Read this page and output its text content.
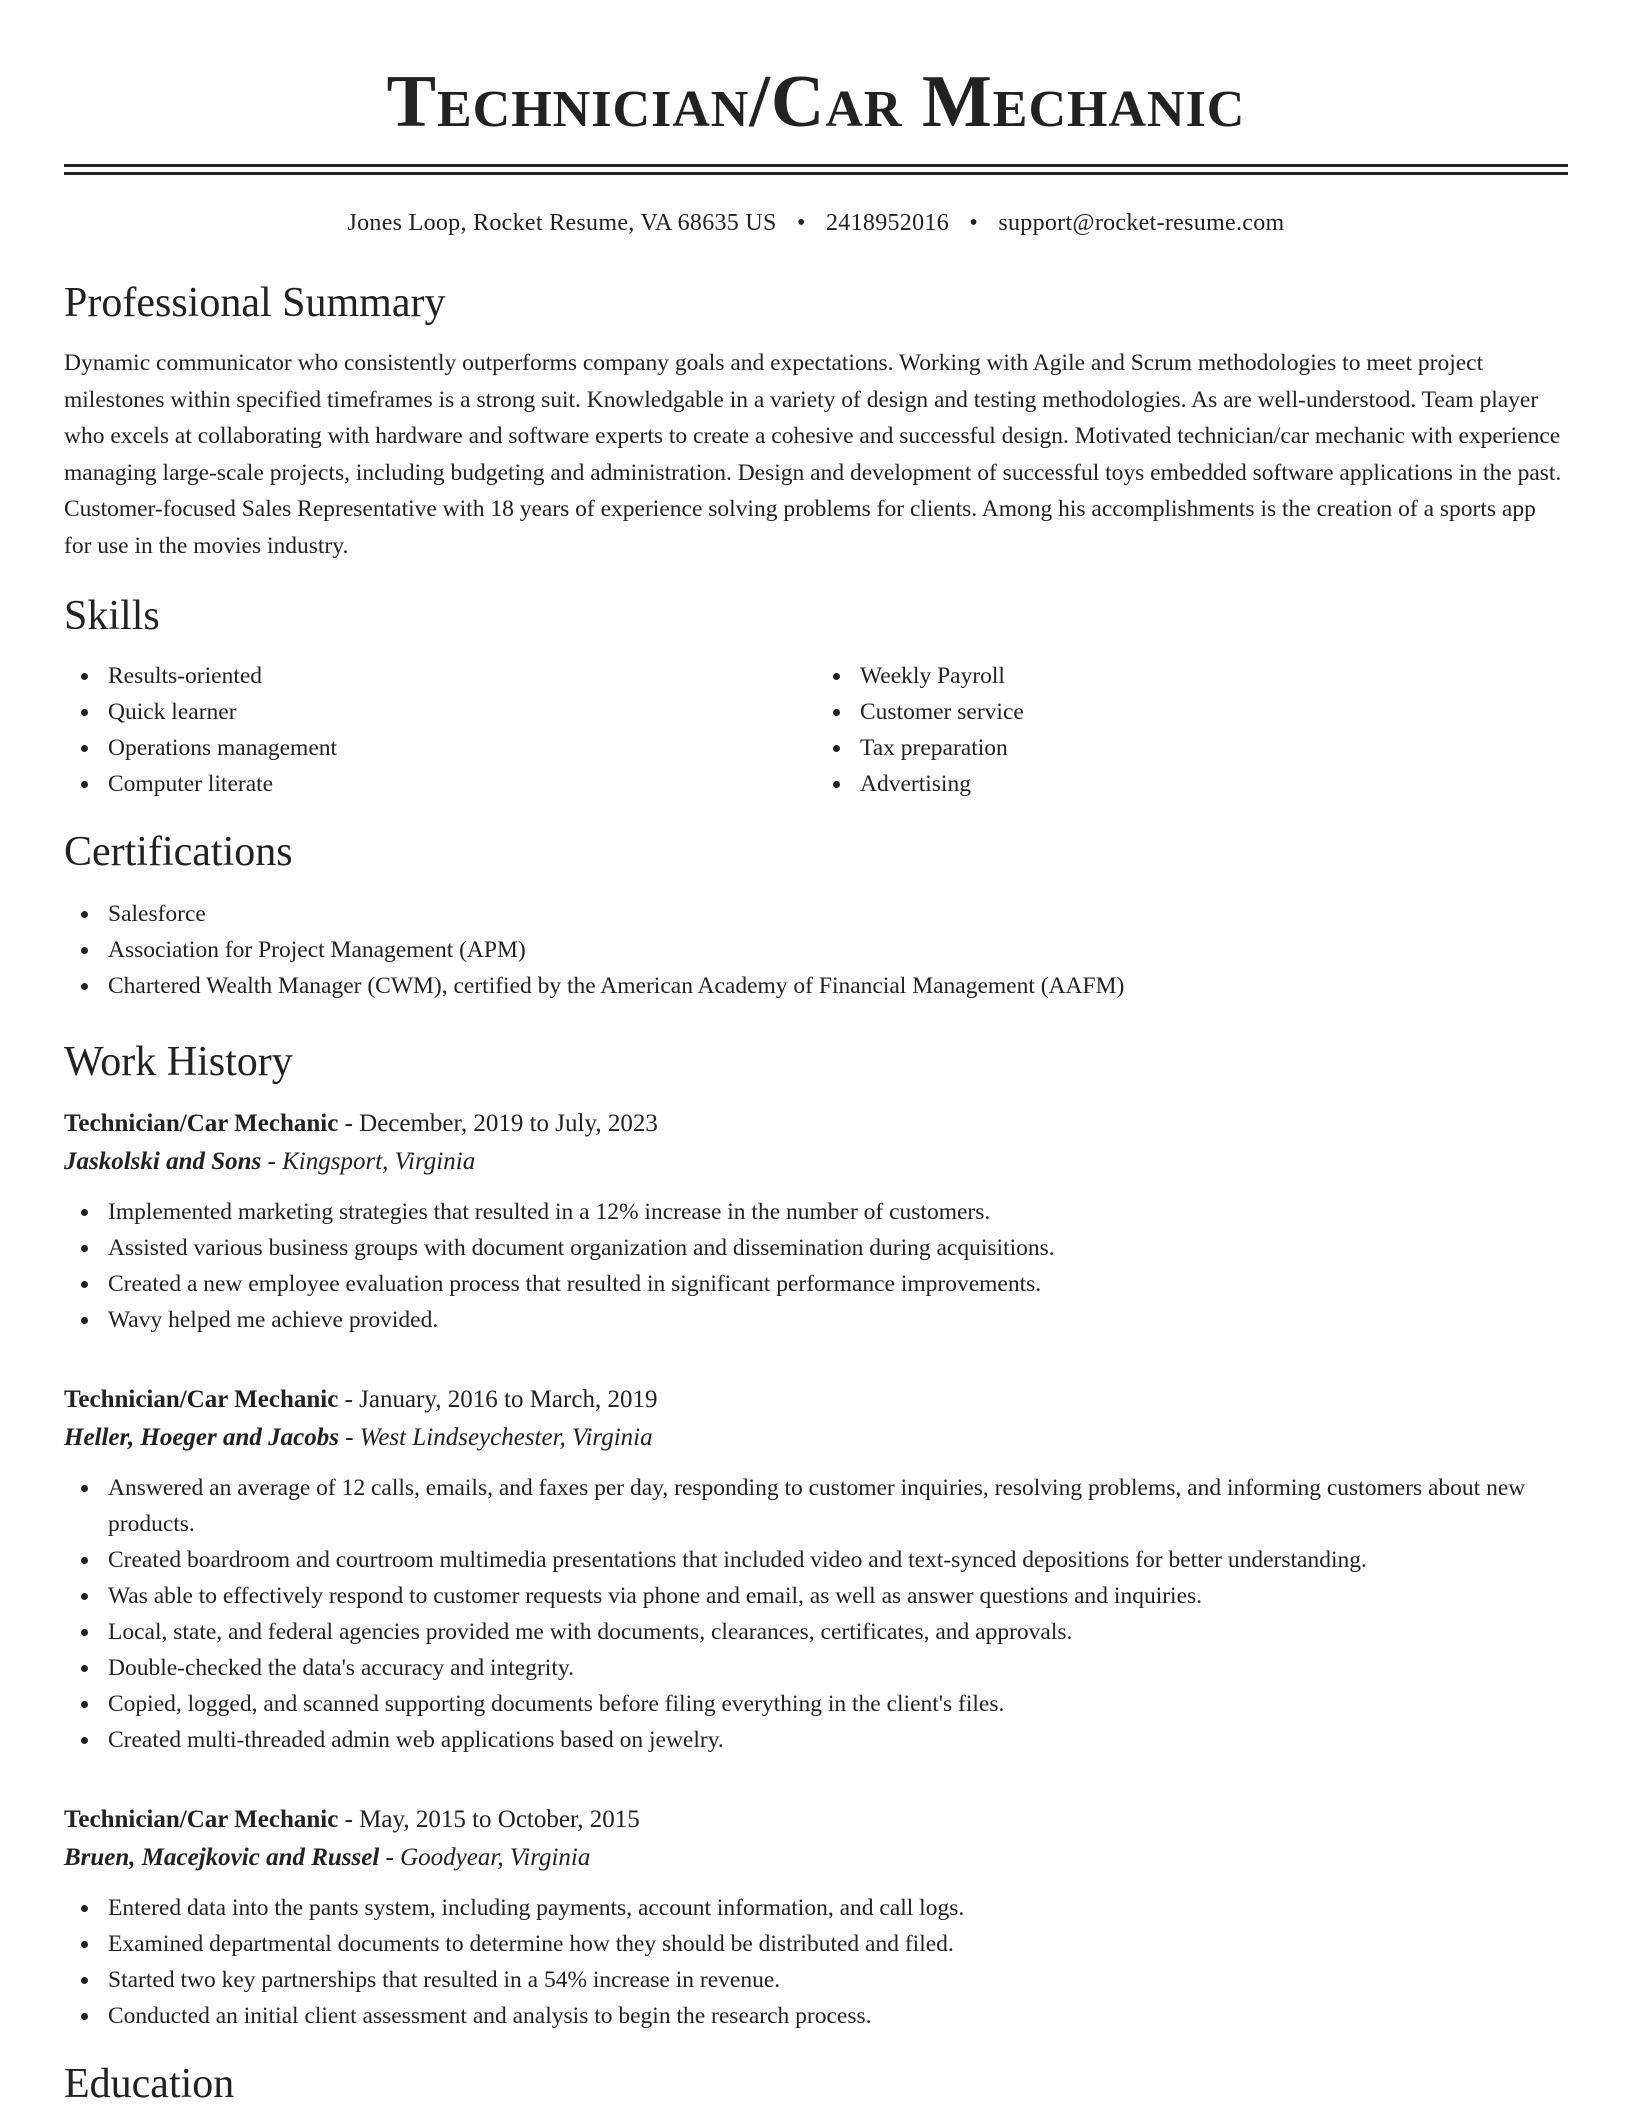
Technician/Car Mechanic
Jones Loop, Rocket Resume, VA 68635 US • 2418952016 • support@rocket-resume.com
Professional Summary
Dynamic communicator who consistently outperforms company goals and expectations. Working with Agile and Scrum methodologies to meet project milestones within specified timeframes is a strong suit. Knowledgable in a variety of design and testing methodologies. As are well-understood. Team player who excels at collaborating with hardware and software experts to create a cohesive and successful design. Motivated technician/car mechanic with experience managing large-scale projects, including budgeting and administration. Design and development of successful toys embedded software applications in the past. Customer-focused Sales Representative with 18 years of experience solving problems for clients. Among his accomplishments is the creation of a sports app for use in the movies industry.
Skills
Results-oriented
Quick learner
Operations management
Computer literate
Weekly Payroll
Customer service
Tax preparation
Advertising
Certifications
Salesforce
Association for Project Management (APM)
Chartered Wealth Manager (CWM), certified by the American Academy of Financial Management (AAFM)
Work History
Technician/Car Mechanic - December, 2019 to July, 2023
Jaskolski and Sons - Kingsport, Virginia
Implemented marketing strategies that resulted in a 12% increase in the number of customers.
Assisted various business groups with document organization and dissemination during acquisitions.
Created a new employee evaluation process that resulted in significant performance improvements.
Wavy helped me achieve provided.
Technician/Car Mechanic - January, 2016 to March, 2019
Heller, Hoeger and Jacobs - West Lindseychester, Virginia
Answered an average of 12 calls, emails, and faxes per day, responding to customer inquiries, resolving problems, and informing customers about new products.
Created boardroom and courtroom multimedia presentations that included video and text-synced depositions for better understanding.
Was able to effectively respond to customer requests via phone and email, as well as answer questions and inquiries.
Local, state, and federal agencies provided me with documents, clearances, certificates, and approvals.
Double-checked the data's accuracy and integrity.
Copied, logged, and scanned supporting documents before filing everything in the client's files.
Created multi-threaded admin web applications based on jewelry.
Technician/Car Mechanic - May, 2015 to October, 2015
Bruen, Macejkovic and Russel - Goodyear, Virginia
Entered data into the pants system, including payments, account information, and call logs.
Examined departmental documents to determine how they should be distributed and filed.
Started two key partnerships that resulted in a 54% increase in revenue.
Conducted an initial client assessment and analysis to begin the research process.
Education
